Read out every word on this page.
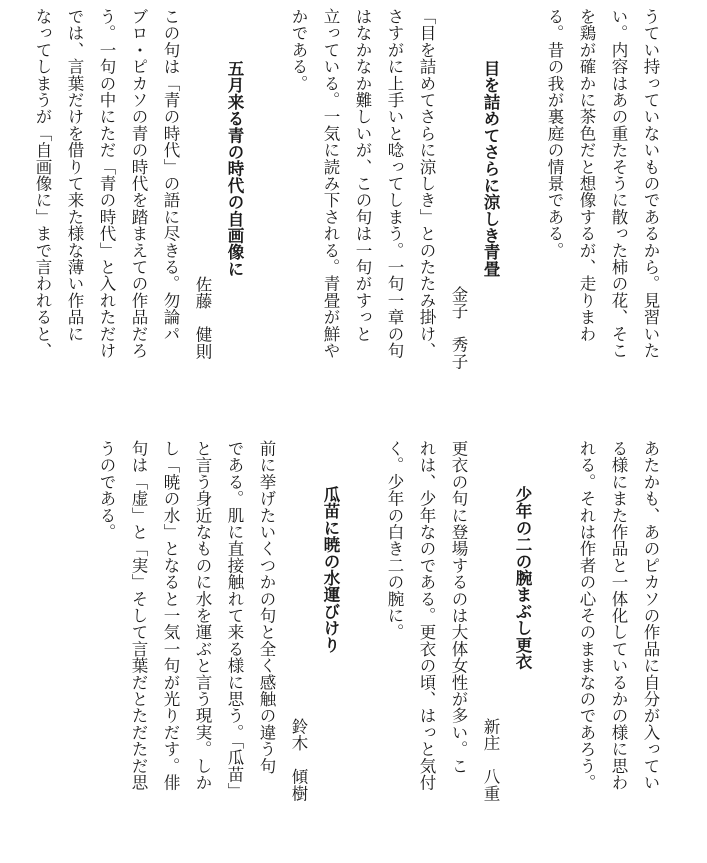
うてい持っていないものであるから。見習いた
い。内容はあの重たそうに散った柿の花、そこ
を鶏が確かに茶色だと想像するが、走りまわ
る。昔の我が裏庭の情景である。
目を詰めてさらに涼しき青畳
金子　秀子
「目を詰めてさらに涼しき」とのたたみ掛け、
さすがに上手いと唸ってしまう。一句一章の句
はなかなか難しいが、この句は一句がすっと
立っている。一気に読み下される。青畳が鮮や
かである。
五月来る青の時代の自画像に
佐藤　健則
この句は「青の時代」の語に尽きる。勿論パ
ブロ・ピカソの青の時代を踏まえての作品だろ
う。一句の中にただ「青の時代」と入れただけ
では、言葉だけを借りて来た様な薄い作品に
なってしまうが「自画像に」まで言われると、
あたかも、あのピカソの作品に自分が入ってい
る様にまた作品と一体化しているかの様に思わ
れる。それは作者の心そのままなのであろう。
少年の二の腕まぶし更衣
新庄　八重
更衣の句に登場するのは大体女性が多い。こ
れは、少年なのである。更衣の頃、はっと気付
く。少年の白き二の腕に。
瓜苗に暁の水運びけり
鈴木　傾樹
前に挙げたいくつかの句と全く感触の違う句
である。肌に直接触れて来る様に思う。「瓜苗」
と言う身近なものに水を運ぶと言う現実。しか
し「暁の水」となると一気一句が光りだす。俳
句は「虚」と「実」そして言葉だとただただ思
うのである。
